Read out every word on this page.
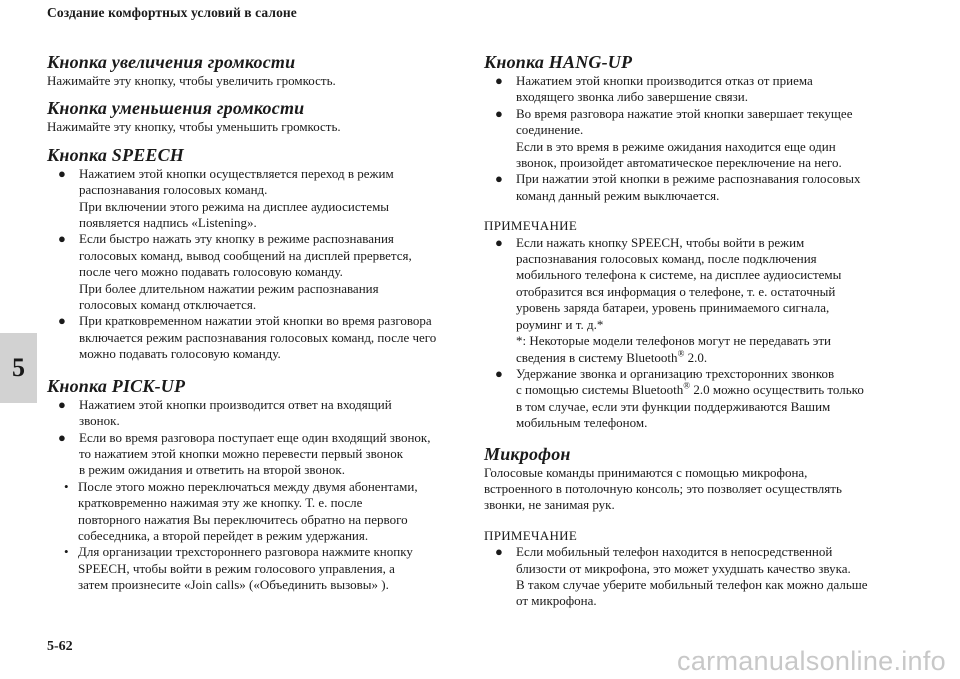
Создание комфортных условий в салоне
5
Кнопка увеличения громкости

Нажимайте эту кнопку, чтобы увеличить громкость.

Кнопка уменьшения громкости

Нажимайте эту кнопку, чтобы уменьшить громкость.

Кнопка SPEECH
● Нажатием этой кнопки осуществляется переход в режим
распознавания голосовых команд.
При включении этого режима на дисплее аудиосистемы
появляется надпись «Listening».
● Если быстро нажать эту кнопку в режиме распознавания
голосовых команд, вывод сообщений на дисплей прервется,
после чего можно подавать голосовую команду.
При более длительном нажатии режим распознавания
голосовых команд отключается.
● При кратковременном нажатии этой кнопки во время разговора
включается режим распознавания голосовых команд, после чего
можно подавать голосовую команду.
Кнопка PICK-UP
● Нажатием этой кнопки производится ответ на входящий
звонок.
● Если во время разговора поступает еще один входящий звонок,
то нажатием этой кнопки можно перевести первый звонок
в режим ожидания и ответить на второй звонок.
• После этого можно переключаться между двумя абонентами,
кратковременно нажимая эту же кнопку. Т. е. после
повторного нажатия Вы переключитесь обратно на первого
собеседника, а второй перейдет в режим удержания.
• Для организации трехстороннего разговора нажмите кнопку
SPEECH, чтобы войти в режим голосового управления, а
затем произнесите «Join calls» («Объединить вызовы» ).
Кнопка HANG-UP
● Нажатием этой кнопки производится отказ от приема
входящего звонка либо завершение связи.
● Во время разговора нажатие этой кнопки завершает текущее
соединение.
Если в это время в режиме ожидания находится еще один
звонок, произойдет автоматическое переключение на него.
● При нажатии этой кнопки в режиме распознавания голосовых
команд данный режим выключается.
ПРИМЕЧАНИЕ
● Если нажать кнопку SPEECH, чтобы войти в режим
распознавания голосовых команд, после подключения
мобильного телефона к системе, на дисплее аудиосистемы
отобразится вся информация о телефоне, т. е. остаточный
уровень заряда батареи, уровень принимаемого сигнала,
роуминг и т. д.*
*: Некоторые модели телефонов могут не передавать эти
сведения в систему Bluetooth® 2.0.
● Удержание звонка и организацию трехсторонних звонков
с помощью системы Bluetooth® 2.0 можно осуществить только
в том случае, если эти функции поддерживаются Вашим
мобильным телефоном.
Микрофон

Голосовые команды принимаются с помощью микрофона,

встроенного в потолочную консоль; это позволяет осуществлять

звонки, не занимая рук.

ПРИМЕЧАНИЕ
● Если мобильный телефон находится в непосредственной
близости от микрофона, это может ухудшать качество звука.
В таком случае уберите мобильный телефон как можно дальше
от микрофона.
5-62	carmanualsonline.info
